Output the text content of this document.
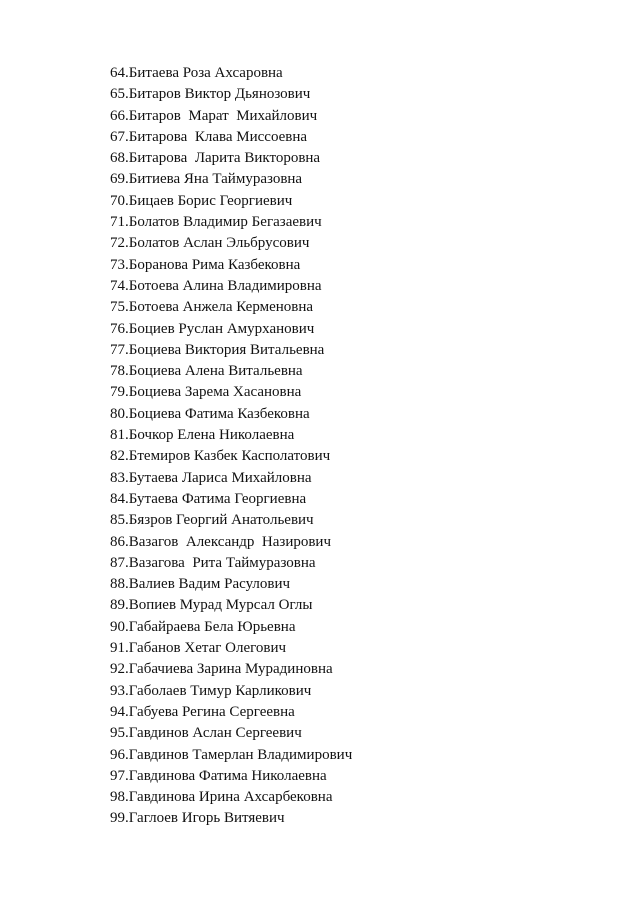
64.Битаева Роза Ахсаровна
65.Битаров Виктор Дьянозович
66.Битаров  Марат  Михайлович
67.Битарова  Клава Миссоевна
68.Битарова  Ларита Викторовна
69.Битиева Яна Таймуразовна
70.Бицаев Борис Георгиевич
71.Болатов Владимир Бегазаевич
72.Болатов Аслан Эльбрусович
73.Боранова Рима Казбековна
74.Ботоева Алина Владимировна
75.Ботоева Анжела Керменовна
76.Боциев Руслан Амурханович
77.Боциева Виктория Витальевна
78.Боциева Алена Витальевна
79.Боциева Зарема Хасановна
80.Боциева Фатима Казбековна
81.Бочкор Елена Николаевна
82.Бтемиров Казбек Касполатович
83.Бутаева Лариса Михайловна
84.Бутаева Фатима Георгиевна
85.Бязров Георгий Анатольевич
86.Вазагов  Александр  Назирович
87.Вазагова  Рита Таймуразовна
88.Валиев Вадим Расулович
89.Вопиев Мурад Мурсал Оглы
90.Габайраева Бела Юрьевна
91.Габанов Хетаг Олегович
92.Габачиева Зарина Мурадиновна
93.Габолаев Тимур Карликович
94.Габуева Регина Сергеевна
95.Гавдинов Аслан Сергеевич
96.Гавдинов Тамерлан Владимирович
97.Гавдинова Фатима Николаевна
98.Гавдинова Ирина Ахсарбековна
99.Гаглоев Игорь Витяевич
